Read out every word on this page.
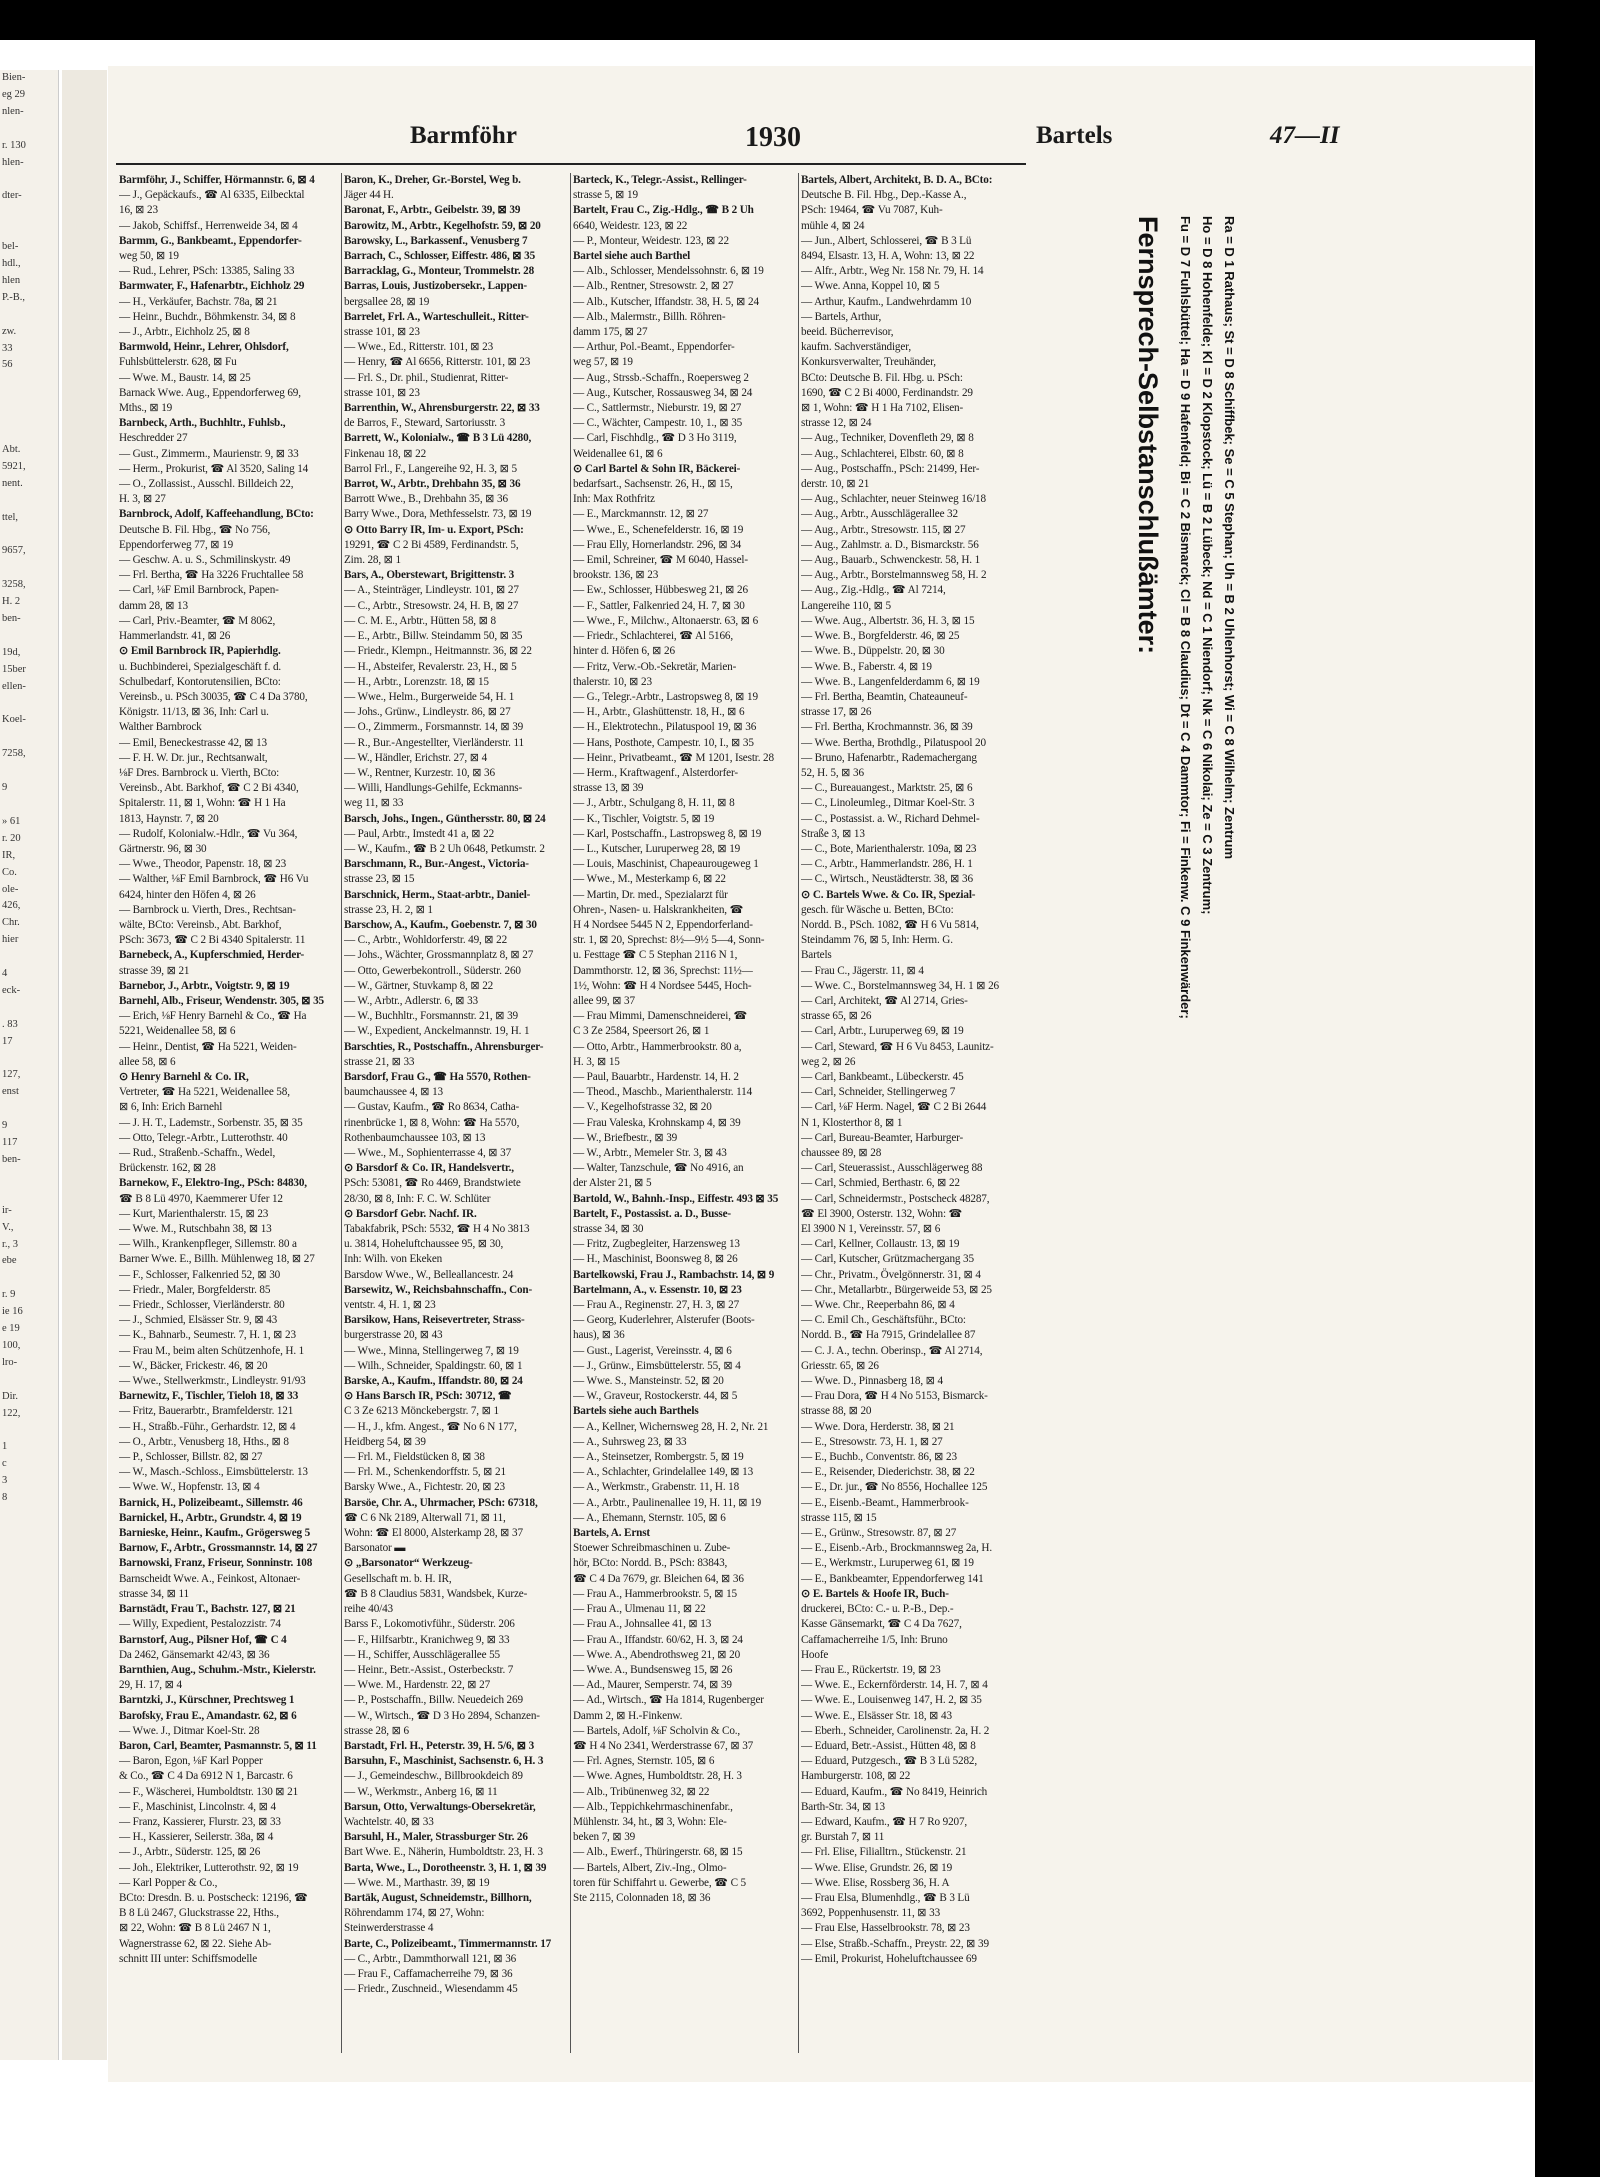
Bien-
eg 29
nlen-

r. 130
hlen-

dter-

bel-
hdl.,
hlen
P.-B.,

zw.
33
56

Abt.
5921,
nent.

ttel,

9657,

3258,
H. 2
ben-

19d,
15ber
ellen-

Koel-

7258,

9

» 61
r. 20
IR,
Co.
ole-
426,
Chr.
hier

4
eck-

. 83
17

127,
enst

9
117
ben-

ir-
V.,
r., 3
ebe

r. 9
ie 16
e 19
100,
lro-

Dir.
122,

1
c
3
8
Barmföhr	1930	Bartels	47—II
Barmföhr, J., Schiffer, Hörmannstr. 6, ⊠ 4
— J., Gepäckaufs., ☎ Al 6335, Eilbecktal
16, ⊠ 23
— Jakob, Schiffsf., Herrenweide 34, ⊠ 4
Barmm, G., Bankbeamt., Eppendorfer-
weg 50, ⊠ 19
— Rud., Lehrer, PSch: 13385, Saling 33
Barmwater, F., Hafenarbtr., Eichholz 29
— H., Verkäufer, Bachstr. 78a, ⊠ 21
— Heinr., Buchdr., Böhmkenstr. 34, ⊠ 8
— J., Arbtr., Eichholz 25, ⊠ 8
Barmwold, Heinr., Lehrer, Ohlsdorf,
Fuhlsbüttelerstr. 628, ⊠ Fu
— Wwe. M., Baustr. 14, ⊠ 25
Barnack Wwe. Aug., Eppendorferweg 69,
Mths., ⊠ 19
Barnbeck, Arth., Buchhltr., Fuhlsb.,
Heschredder 27
— Gust., Zimmerm., Maurienstr. 9, ⊠ 33
— Herm., Prokurist, ☎ Al 3520, Saling 14
— O., Zollassist., Ausschl. Billdeich 22,
H. 3, ⊠ 27
Barnbrock, Adolf, Kaffeehandlung, BCto:
Deutsche B. Fil. Hbg., ☎ No 756,
Eppendorferweg 77, ⊠ 19
— Geschw. A. u. S., Schmilinskystr. 49
— Frl. Bertha, ☎ Ha 3226 Fruchtallee 58
— Carl, ⅛F Emil Barnbrock, Papen-
damm 28, ⊠ 13
— Carl, Priv.-Beamter, ☎ M 8062,
Hammerlandstr. 41, ⊠ 26
⊙ Emil Barnbrock IR, Papierhdlg.
u. Buchbinderei, Spezialgeschäft f. d.
Schulbedarf, Kontorutensilien, BCto:
Vereinsb., u. PSch 30035, ☎ C 4 Da 3780,
Königstr. 11/13, ⊠ 36, Inh: Carl u.
Walther Barnbrock
— Emil, Beneckestrasse 42, ⊠ 13
— F. H. W. Dr. jur., Rechtsanwalt,
⅛F Dres. Barnbrock u. Vierth, BCto:
Vereinsb., Abt. Barkhof, ☎ C 2 Bi 4340,
Spitalerstr. 11, ⊠ 1, Wohn: ☎ H 1 Ha
1813, Haynstr. 7, ⊠ 20
— Rudolf, Kolonialw.-Hdlr., ☎ Vu 364,
Gärtnerstr. 96, ⊠ 30
— Wwe., Theodor, Papenstr. 18, ⊠ 23
— Walther, ⅛F Emil Barnbrock, ☎ H6 Vu
6424, hinter den Höfen 4, ⊠ 26
— Barnbrock u. Vierth, Dres., Rechtsan-
wälte, BCto: Vereinsb., Abt. Barkhof,
PSch: 3673, ☎ C 2 Bi 4340 Spitalerstr. 11
Barnebeck, A., Kupferschmied, Herder-
strasse 39, ⊠ 21
Barnebor, J., Arbtr., Voigtstr. 9, ⊠ 19
Barnehl, Alb., Friseur, Wendenstr. 305, ⊠ 35
— Erich, ⅛F Henry Barnehl & Co., ☎ Ha
5221, Weidenallee 58, ⊠ 6
— Heinr., Dentist, ☎ Ha 5221, Weiden-
allee 58, ⊠ 6
⊙ Henry Barnehl & Co. IR,
Vertreter, ☎ Ha 5221, Weidenallee 58,
⊠ 6, Inh: Erich Barnehl
— J. H. T., Lademstr., Sorbenstr. 35, ⊠ 35
— Otto, Telegr.-Arbtr., Lutterothstr. 40
— Rud., Straßenb.-Schaffn., Wedel,
Brückenstr. 162, ⊠ 28
Barnekow, F., Elektro-Ing., PSch: 84830,
☎ B 8 Lü 4970, Kaemmerer Ufer 12
— Kurt, Marienthalerstr. 15, ⊠ 23
— Wwe. M., Rutschbahn 38, ⊠ 13
— Wilh., Krankenpfleger, Sillemstr. 80 a
Barner Wwe. E., Billh. Mühlenweg 18, ⊠ 27
— F., Schlosser, Falkenried 52, ⊠ 30
— Friedr., Maler, Borgfelderstr. 85
— Friedr., Schlosser, Vierländerstr. 80
— J., Schmied, Elsässer Str. 9, ⊠ 43
— K., Bahnarb., Seumestr. 7, H. 1, ⊠ 23
— Frau M., beim alten Schützenhofe, H. 1
— W., Bäcker, Frickestr. 46, ⊠ 20
— Wwe., Stellwerkmstr., Lindleystr. 91/93
Barnewitz, F., Tischler, Tieloh 18, ⊠ 33
— Fritz, Bauerarbtr., Bramfelderstr. 121
— H., Straßb.-Führ., Gerhardstr. 12, ⊠ 4
— O., Arbtr., Venusberg 18, Hths., ⊠ 8
— P., Schlosser, Billstr. 82, ⊠ 27
— W., Masch.-Schloss., Eimsbüttelerstr. 13
— Wwe. W., Hopfenstr. 13, ⊠ 4
Barnick, H., Polizeibeamt., Sillemstr. 46
Barnickel, H., Arbtr., Grundstr. 4, ⊠ 19
Barnieske, Heinr., Kaufm., Grögersweg 5
Barnow, F., Arbtr., Grossmannstr. 14, ⊠ 27
Barnowski, Franz, Friseur, Sonninstr. 108
Barnscheidt Wwe. A., Feinkost, Altonaer-
strasse 34, ⊠ 11
Barnstädt, Frau T., Bachstr. 127, ⊠ 21
— Willy, Expedient, Pestalozzistr. 74
Barnstorf, Aug., Pilsner Hof, ☎ C 4
Da 2462, Gänsemarkt 42/43, ⊠ 36
Barnthien, Aug., Schuhm.-Mstr., Kielerstr.
29, H. 17, ⊠ 4
Barntzki, J., Kürschner, Prechtsweg 1
Barofsky, Frau E., Amandastr. 62, ⊠ 6
— Wwe. J., Ditmar Koel-Str. 28
Baron, Carl, Beamter, Pasmannstr. 5, ⊠ 11
— Baron, Egon, ⅛F Karl Popper
& Co., ☎ C 4 Da 6912 N 1, Barcastr. 6
— F., Wäscherei, Humboldtstr. 130 ⊠ 21
— F., Maschinist, Lincolnstr. 4, ⊠ 4
— Franz, Kassierer, Flurstr. 23, ⊠ 33
— H., Kassierer, Seilerstr. 38a, ⊠ 4
— J., Arbtr., Süderstr. 125, ⊠ 26
— Joh., Elektriker, Lutterothstr. 92, ⊠ 19
— Karl Popper & Co.,
BCto: Dresdn. B. u. Postscheck: 12196, ☎
B 8 Lü 2467, Gluckstrasse 22, Hths.,
⊠ 22, Wohn: ☎ B 8 Lü 2467 N 1,
Wagnerstrasse 62, ⊠ 22. Siehe Ab-
schnitt III unter: Schiffsmodelle
Baron, K., Dreher, Gr.-Borstel, Weg b.
Jäger 44 H.
Baronat, F., Arbtr., Geibelstr. 39, ⊠ 39
Barowitz, M., Arbtr., Kegelhofstr. 59, ⊠ 20
Barowsky, L., Barkassenf., Venusberg 7
Barrach, C., Schlosser, Eiffestr. 486, ⊠ 35
Barracklag, G., Monteur, Trommelstr. 28
Barras, Louis, Justizobersekr., Lappen-
bergsallee 28, ⊠ 19
Barrelet, Frl. A., Warteschulleit., Ritter-
strasse 101, ⊠ 23
— Wwe., Ed., Ritterstr. 101, ⊠ 23
— Henry, ☎ Al 6656, Ritterstr. 101, ⊠ 23
— Frl. S., Dr. phil., Studienrat, Ritter-
strasse 101, ⊠ 23
Barrenthin, W., Ahrensburgerstr. 22, ⊠ 33
de Barros, F., Steward, Sartoriusstr. 3
Barrett, W., Kolonialw., ☎ B 3 Lü 4280,
Finkenau 18, ⊠ 22
Barrol Frl., F., Langereihe 92, H. 3, ⊠ 5
Barrot, W., Arbtr., Drehbahn 35, ⊠ 36
Barrott Wwe., B., Drehbahn 35, ⊠ 36
Barry Wwe., Dora, Methfesselstr. 73, ⊠ 19
⊙ Otto Barry IR, Im- u. Export, PSch:
19291, ☎ C 2 Bi 4589, Ferdinandstr. 5,
Zim. 28, ⊠ 1
Bars, A., Oberstewart, Brigittenstr. 3
— A., Steinträger, Lindleystr. 101, ⊠ 27
— C., Arbtr., Stresowstr. 24, H. B, ⊠ 27
— C. M. E., Arbtr., Hütten 58, ⊠ 8
— E., Arbtr., Billw. Steindamm 50, ⊠ 35
— Friedr., Klempn., Heitmannstr. 36, ⊠ 22
— H., Absteifer, Revalerstr. 23, H., ⊠ 5
— H., Arbtr., Lorenzstr. 18, ⊠ 15
— Wwe., Helm., Burgerweide 54, H. 1
— Johs., Grünw., Lindleystr. 86, ⊠ 27
— O., Zimmerm., Forsmannstr. 14, ⊠ 39
— R., Bur.-Angestellter, Vierländerstr. 11
— W., Händler, Erichstr. 27, ⊠ 4
— W., Rentner, Kurzestr. 10, ⊠ 36
— Willi, Handlungs-Gehilfe, Eckmanns-
weg 11, ⊠ 33
Barsch, Johs., Ingen., Günthersstr. 80, ⊠ 24
— Paul, Arbtr., Imstedt 41 a, ⊠ 22
— W., Kaufm., ☎ B 2 Uh 0648, Petkumstr. 2
Barschmann, R., Bur.-Angest., Victoria-
strasse 23, ⊠ 15
Barschnick, Herm., Staat-arbtr., Daniel-
strasse 23, H. 2, ⊠ 1
Barschow, A., Kaufm., Goebenstr. 7, ⊠ 30
— C., Arbtr., Wohldorferstr. 49, ⊠ 22
— Johs., Wächter, Grossmannplatz 8, ⊠ 27
— Otto, Gewerbekontroll., Süderstr. 260
— W., Gärtner, Stuvkamp 8, ⊠ 22
— W., Arbtr., Adlerstr. 6, ⊠ 33
— W., Buchhltr., Forsmannstr. 21, ⊠ 39
— W., Expedient, Anckelmannstr. 19, H. 1
Barschties, R., Postschaffn., Ahrensburger-
strasse 21, ⊠ 33
Barsdorf, Frau G., ☎ Ha 5570, Rothen-
baumchaussee 4, ⊠ 13
— Gustav, Kaufm., ☎ Ro 8634, Catha-
rinenbrücke 1, ⊠ 8, Wohn: ☎ Ha 5570,
Rothenbaumchaussee 103, ⊠ 13
— Wwe., M., Sophienterrasse 4, ⊠ 37
⊙ Barsdorf & Co. IR, Handelsvertr.,
PSch: 53081, ☎ Ro 4469, Brandstwiete
28/30, ⊠ 8, Inh: F. C. W. Schlüter
⊙ Barsdorf Gebr. Nachf. IR.
Tabakfabrik, PSch: 5532, ☎ H 4 No 3813
u. 3814, Hoheluftchaussee 95, ⊠ 30,
Inh: Wilh. von Ekeken
Barsdow Wwe., W., Belleallancestr. 24
Barsewitz, W., Reichsbahnschaffn., Con-
ventstr. 4, H. 1, ⊠ 23
Barsikow, Hans, Reisevertreter, Strass-
burgerstrasse 20, ⊠ 43
— Wwe., Minna, Stellingerweg 7, ⊠ 19
— Wilh., Schneider, Spaldingstr. 60, ⊠ 1
Barske, A., Kaufm., Iffandstr. 80, ⊠ 24
⊙ Hans Barsch IR, PSch: 30712, ☎
C 3 Ze 6213 Mönckebergstr. 7, ⊠ 1
— H., J., kfm. Angest., ☎ No 6 N 177,
Heidberg 54, ⊠ 39
— Frl. M., Fieldstücken 8, ⊠ 38
— Frl. M., Schenkendorffstr. 5, ⊠ 21
Barsky Wwe., A., Fichtestr. 20, ⊠ 23
Barsöe, Chr. A., Uhrmacher, PSch: 67318,
☎ C 6 Nk 2189, Alterwall 71, ⊠ 11,
Wohn: ☎ El 8000, Alsterkamp 28, ⊠ 37
Barsonator ▬
⊙ „Barsonator“ Werkzeug-
Gesellschaft m. b. H. IR,
☎ B 8 Claudius 5831, Wandsbek, Kurze-
reihe 40/43
Barss F., Lokomotivführ., Süderstr. 206
— F., Hilfsarbtr., Kranichweg 9, ⊠ 33
— H., Schiffer, Ausschlägerallee 55
— Heinr., Betr.-Assist., Osterbeckstr. 7
— Wwe. M., Hardenstr. 22, ⊠ 27
— P., Postschaffn., Billw. Neuedeich 269
— W., Wirtsch., ☎ D 3 Ho 2894, Schanzen-
strasse 28, ⊠ 6
Barstadt, Frl. H., Peterstr. 39, H. 5/6, ⊠ 3
Barsuhn, F., Maschinist, Sachsenstr. 6, H. 3
— J., Gemeindeschw., Billbrookdeich 89
— W., Werkmstr., Anberg 16, ⊠ 11
Barsun, Otto, Verwaltungs-Obersekretär,
Wachtelstr. 40, ⊠ 33
Barsuhl, H., Maler, Strassburger Str. 26
Bart Wwe. E., Näherin, Humboldtstr. 23, H. 3
Barta, Wwe., L., Dorotheenstr. 3, H. 1, ⊠ 39
— Wwe. M., Marthastr. 39, ⊠ 19
Bartäk, August, Schneidemstr., Billhorn,
Röhrendamm 174, ⊠ 27, Wohn:
Steinwerderstrasse 4
Barte, C., Polizeibeamt., Timmermannstr. 17
— C., Arbtr., Dammthorwall 121, ⊠ 36
— Frau F., Caffamacherreihe 79, ⊠ 36
— Friedr., Zuschneid., Wiesendamm 45
Barteck, K., Telegr.-Assist., Rellinger-
strasse 5, ⊠ 19
Bartelt, Frau C., Zig.-Hdlg., ☎ B 2 Uh
6640, Weidestr. 123, ⊠ 22
— P., Monteur, Weidestr. 123, ⊠ 22
Bartel siehe auch Barthel
— Alb., Schlosser, Mendelssohnstr. 6, ⊠ 19
— Alb., Rentner, Stresowstr. 2, ⊠ 27
— Alb., Kutscher, Iffandstr. 38, H. 5, ⊠ 24
— Alb., Malermstr., Billh. Röhren-
damm 175, ⊠ 27
— Arthur, Pol.-Beamt., Eppendorfer-
weg 57, ⊠ 19
— Aug., Strssb.-Schaffn., Roepersweg 2
— Aug., Kutscher, Rossausweg 34, ⊠ 24
— C., Sattlermstr., Nieburstr. 19, ⊠ 27
— C., Wächter, Campestr. 10, 1., ⊠ 35
— Carl, Fischhdlg., ☎ D 3 Ho 3119,
Weidenallee 61, ⊠ 6
⊙ Carl Bartel & Sohn IR, Bäckerei-
bedarfsart., Sachsenstr. 26, H., ⊠ 15,
Inh: Max Rothfritz
— E., Marckmannstr. 12, ⊠ 27
— Wwe., E., Schenefelderstr. 16, ⊠ 19
— Frau Elly, Hornerlandstr. 296, ⊠ 34
— Emil, Schreiner, ☎ M 6040, Hassel-
brookstr. 136, ⊠ 23
— Ew., Schlosser, Hübbesweg 21, ⊠ 26
— F., Sattler, Falkenried 24, H. 7, ⊠ 30
— Wwe., F., Milchw., Altonaerstr. 63, ⊠ 6
— Friedr., Schlachterei, ☎ Al 5166,
hinter d. Höfen 6, ⊠ 26
— Fritz, Verw.-Ob.-Sekretär, Marien-
thalerstr. 10, ⊠ 23
— G., Telegr.-Arbtr., Lastropsweg 8, ⊠ 19
— H., Arbtr., Glashüttenstr. 18, H., ⊠ 6
— H., Elektrotechn., Pilatuspool 19, ⊠ 36
— Hans, Posthote, Campestr. 10, I., ⊠ 35
— Heinr., Privatbeamt., ☎ M 1201, Isestr. 28
— Herm., Kraftwagenf., Alsterdorfer-
strasse 13, ⊠ 39
— J., Arbtr., Schulgang 8, H. 11, ⊠ 8
— K., Tischler, Voigtstr. 5, ⊠ 19
— Karl, Postschaffn., Lastropsweg 8, ⊠ 19
— L., Kutscher, Luruperweg 28, ⊠ 19
— Louis, Maschinist, Chapeaurougeweg 1
— Wwe., M., Mesterkamp 6, ⊠ 22
— Martin, Dr. med., Spezialarzt für
Ohren-, Nasen- u. Halskrankheiten, ☎
H 4 Nordsee 5445 N 2, Eppendorferland-
str. 1, ⊠ 20, Sprechst: 8½—9½ 5—4, Sonn-
u. Festtage ☎ C 5 Stephan 2116 N 1,
Dammthorstr. 12, ⊠ 36, Sprechst: 11½—
1½, Wohn: ☎ H 4 Nordsee 5445, Hoch-
allee 99, ⊠ 37
— Frau Mimmi, Damenschneiderei, ☎
C 3 Ze 2584, Speersort 26, ⊠ 1
— Otto, Arbtr., Hammerbrookstr. 80 a,
H. 3, ⊠ 15
— Paul, Bauarbtr., Hardenstr. 14, H. 2
— Theod., Maschb., Marienthalerstr. 114
— V., Kegelhofstrasse 32, ⊠ 20
— Frau Valeska, Krohnskamp 4, ⊠ 39
— W., Briefbestr., ⊠ 39
— W., Arbtr., Memeler Str. 3, ⊠ 43
— Walter, Tanzschule, ☎ No 4916, an
der Alster 21, ⊠ 5
Bartold, W., Bahnh.-Insp., Eiffestr. 493 ⊠ 35
Bartelt, F., Postassist. a. D., Busse-
strasse 34, ⊠ 30
— Fritz, Zugbegleiter, Harzensweg 13
— H., Maschinist, Boonsweg 8, ⊠ 26
Bartelkowski, Frau J., Rambachstr. 14, ⊠ 9
Bartelmann, A., v. Essenstr. 10, ⊠ 23
— Frau A., Reginenstr. 27, H. 3, ⊠ 27
— Georg, Kuderlehrer, Alsterufer (Boots-
haus), ⊠ 36
— Gust., Lagerist, Vereinsstr. 4, ⊠ 6
— J., Grünw., Eimsbüttelerstr. 55, ⊠ 4
— Wwe. S., Mansteinstr. 52, ⊠ 20
— W., Graveur, Rostockerstr. 44, ⊠ 5
Bartels siehe auch Barthels
— A., Kellner, Wichernsweg 28, H. 2, Nr. 21
— A., Suhrsweg 23, ⊠ 33
— A., Steinsetzer, Rombergstr. 5, ⊠ 19
— A., Schlachter, Grindelallee 149, ⊠ 13
— A., Werkmstr., Grabenstr. 11, H. 18
— A., Arbtr., Paulinenallee 19, H. 11, ⊠ 19
— A., Ehemann, Sternstr. 105, ⊠ 6
Bartels, A. Ernst
Stoewer Schreibmaschinen u. Zube-
hör, BCto: Nordd. B., PSch: 83843,
☎ C 4 Da 7679, gr. Bleichen 64, ⊠ 36
— Frau A., Hammerbrookstr. 5, ⊠ 15
— Frau A., Ulmenau 11, ⊠ 22
— Frau A., Johnsallee 41, ⊠ 13
— Frau A., Iffandstr. 60/62, H. 3, ⊠ 24
— Wwe. A., Abendrothsweg 21, ⊠ 20
— Wwe. A., Bundsensweg 15, ⊠ 26
— Ad., Maurer, Semperstr. 74, ⊠ 39
— Ad., Wirtsch., ☎ Ha 1814, Rugenberger
Damm 2, ⊠ H.-Finkenw.
— Bartels, Adolf, ⅛F Scholvin & Co.,
☎ H 4 No 2341, Werderstrasse 67, ⊠ 37
— Frl. Agnes, Sternstr. 105, ⊠ 6
— Wwe. Agnes, Humboldtstr. 28, H. 3
— Alb., Tribünenweg 32, ⊠ 22
— Alb., Teppichkehrmaschinenfabr.,
Mühlenstr. 34, ht., ⊠ 3, Wohn: Ele-
beken 7, ⊠ 39
— Alb., Ewerf., Thüringerstr. 68, ⊠ 15
— Bartels, Albert, Ziv.-Ing., Olmo-
toren für Schiffahrt u. Gewerbe, ☎ C 5
Ste 2115, Colonnaden 18, ⊠ 36
Bartels, Albert, Architekt, B. D. A., BCto:
Deutsche B. Fil. Hbg., Dep.-Kasse A.,
PSch: 19464, ☎ Vu 7087, Kuh-
mühle 4, ⊠ 24
— Jun., Albert, Schlosserei, ☎ B 3 Lü
8494, Elsastr. 13, H. A, Wohn: 13, ⊠ 22
— Alfr., Arbtr., Weg Nr. 158 Nr. 79, H. 14
— Wwe. Anna, Koppel 10, ⊠ 5
— Arthur, Kaufm., Landwehrdamm 10
— Bartels, Arthur,
beeid. Bücherrevisor,
kaufm. Sachverständiger,
Konkursverwalter, Treuhänder,
BCto: Deutsche B. Fil. Hbg. u. PSch:
1690, ☎ C 2 Bi 4000, Ferdinandstr. 29
⊠ 1, Wohn: ☎ H 1 Ha 7102, Elisen-
strasse 12, ⊠ 24
— Aug., Techniker, Dovenfleth 29, ⊠ 8
— Aug., Schlachterei, Elbstr. 60, ⊠ 8
— Aug., Postschaffn., PSch: 21499, Her-
derstr. 10, ⊠ 21
— Aug., Schlachter, neuer Steinweg 16/18
— Aug., Arbtr., Ausschlägerallee 32
— Aug., Arbtr., Stresowstr. 115, ⊠ 27
— Aug., Zahlmstr. a. D., Bismarckstr. 56
— Aug., Bauarb., Schwenckestr. 58, H. 1
— Aug., Arbtr., Borstelmannsweg 58, H. 2
— Aug., Zig.-Hdlg., ☎ Al 7214,
Langereihe 110, ⊠ 5
— Wwe. Aug., Albertstr. 36, H. 3, ⊠ 15
— Wwe. B., Borgfelderstr. 46, ⊠ 25
— Wwe. B., Düppelstr. 20, ⊠ 30
— Wwe. B., Faberstr. 4, ⊠ 19
— Wwe. B., Langenfelderdamm 6, ⊠ 19
— Frl. Bertha, Beamtin, Chateauneuf-
strasse 17, ⊠ 26
— Frl. Bertha, Krochmannstr. 36, ⊠ 39
— Wwe. Bertha, Brothdlg., Pilatuspool 20
— Bruno, Hafenarbtr., Rademachergang
52, H. 5, ⊠ 36
— C., Bureauangest., Marktstr. 25, ⊠ 6
— C., Linoleumleg., Ditmar Koel-Str. 3
— C., Postassist. a. W., Richard Dehmel-
Straße 3, ⊠ 13
— C., Bote, Marienthalerstr. 109a, ⊠ 23
— C., Arbtr., Hammerlandstr. 286, H. 1
— C., Wirtsch., Neustädterstr. 38, ⊠ 36
⊙ C. Bartels Wwe. & Co. IR, Spezial-
gesch. für Wäsche u. Betten, BCto:
Nordd. B., PSch. 1082, ☎ H 6 Vu 5814,
Steindamm 76, ⊠ 5, Inh: Herm. G.
Bartels
— Frau C., Jägerstr. 11, ⊠ 4
— Wwe. C., Borstelmannsweg 34, H. 1 ⊠ 26
— Carl, Architekt, ☎ Al 2714, Gries-
strasse 65, ⊠ 26
— Carl, Arbtr., Luruperweg 69, ⊠ 19
— Carl, Steward, ☎ H 6 Vu 8453, Launitz-
weg 2, ⊠ 26
— Carl, Bankbeamt., Lübeckerstr. 45
— Carl, Schneider, Stellingerweg 7
— Carl, ⅛F Herm. Nagel, ☎ C 2 Bi 2644
N 1, Klosterthor 8, ⊠ 1
— Carl, Bureau-Beamter, Harburger-
chaussee 89, ⊠ 28
— Carl, Steuerassist., Ausschlägerweg 88
— Carl, Schmied, Berthastr. 6, ⊠ 22
— Carl, Schneidermstr., Postscheck 48287,
☎ El 3900, Osterstr. 132, Wohn: ☎
El 3900 N 1, Vereinsstr. 57, ⊠ 6
— Carl, Kellner, Collaustr. 13, ⊠ 19
— Carl, Kutscher, Grützmachergang 35
— Chr., Privatm., Övelgönnerstr. 31, ⊠ 4
— Chr., Metallarbtr., Bürgerweide 53, ⊠ 25
— Wwe. Chr., Reeperbahn 86, ⊠ 4
— C. Emil Ch., Geschäftsführ., BCto:
Nordd. B., ☎ Ha 7915, Grindelallee 87
— C. J. A., techn. Oberinsp., ☎ Al 2714,
Griesstr. 65, ⊠ 26
— Wwe. D., Pinnasberg 18, ⊠ 4
— Frau Dora, ☎ H 4 No 5153, Bismarck-
strasse 88, ⊠ 20
— Wwe. Dora, Herderstr. 38, ⊠ 21
— E., Stresowstr. 73, H. 1, ⊠ 27
— E., Buchb., Conventstr. 86, ⊠ 23
— E., Reisender, Diederichstr. 38, ⊠ 22
— E., Dr. jur., ☎ No 8556, Hochallee 125
— E., Eisenb.-Beamt., Hammerbrook-
strasse 115, ⊠ 15
— E., Grünw., Stresowstr. 87, ⊠ 27
— E., Eisenb.-Arb., Brockmannsweg 2a, H.
— E., Werkmstr., Luruperweg 61, ⊠ 19
— E., Bankbeamter, Eppendorferweg 141
⊙ E. Bartels & Hoofe IR, Buch-
druckerei, BCto: C.- u. P.-B., Dep.-
Kasse Gänsemarkt, ☎ C 4 Da 7627,
Caffamacherreihe 1/5, Inh: Bruno
Hoofe
— Frau E., Rückertstr. 19, ⊠ 23
— Wwe. E., Eckernförderstr. 14, H. 7, ⊠ 4
— Wwe. E., Louisenweg 147, H. 2, ⊠ 35
— Wwe. E., Elsässer Str. 18, ⊠ 43
— Eberh., Schneider, Carolinenstr. 2a, H. 2
— Eduard, Betr.-Assist., Hütten 48, ⊠ 8
— Eduard, Putzgesch., ☎ B 3 Lü 5282,
Hamburgerstr. 108, ⊠ 22
— Eduard, Kaufm., ☎ No 8419, Heinrich
Barth-Str. 34, ⊠ 13
— Edward, Kaufm., ☎ H 7 Ro 9207,
gr. Burstah 7, ⊠ 11
— Frl. Elise, Filialltrn., Stückenstr. 21
— Wwe. Elise, Grundstr. 26, ⊠ 19
— Wwe. Elise, Rossberg 36, H. A
— Frau Elsa, Blumenhdlg., ☎ B 3 Lü
3692, Poppenhusenstr. 11, ⊠ 33
— Frau Else, Hasselbrookstr. 78, ⊠ 23
— Else, Straßb.-Schaffn., Preystr. 22, ⊠ 39
— Emil, Prokurist, Hoheluftchaussee 69
Fernsprech-Selbstanschlußämter: Fu = D 7 Fuhlsbüttel; Ha = D 9 Hafenfeld; Bi = C 2 Bismarck; Cl = B 8 Claudius; Dt = C 4 Dammtor; Fi = Finkenw. C 9 Finkenwärder; Ho = D 8 Hohenfelde; Kl = D 2 Klopstock; Lü = B 2 Lübeck; Nd = C 1 Niendorf; Nk = C 6 Nikolai; Ze = C 3 Zentrum; Ra = D 1 Rathaus; St = D 8 Schiffbek; Se = C 5 Stephan; Uh = B 2 Uhlenhorst; Wi = C 8 Wilhelm; Zentrum
